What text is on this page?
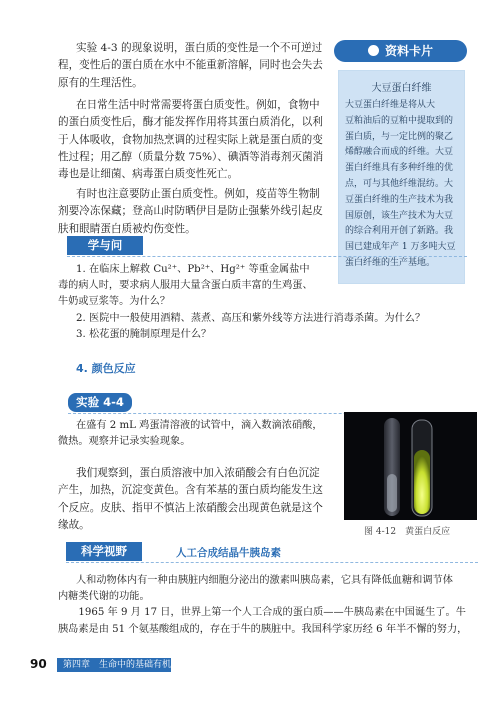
实验 4-3 的现象说明，蛋白质的变性是一个不可逆过

程，变性后的蛋白质在水中不能重新溶解，同时也会失去

原有的生理活性。

在日常生活中时常需要将蛋白质变性。例如，食物中

的蛋白质变性后，酶才能发挥作用将其蛋白质消化，以利

于人体吸收，食物加热烹调的过程实际上就是蛋白质的变

性过程；用乙醇（质量分数 75%）、碘酒等消毒剂灭菌消

毒也是让细菌、病毒蛋白质变性死亡。

有时也注意要防止蛋白质变性。例如，疫苗等生物制

剂要冷冻保藏；登高山时防晒伊目是防止强紫外线引起皮

肤和眼睛蛋白质被灼伤变性。

资料卡片
大豆蛋白纤维
大豆蛋白纤维是将从大
豆粕油后的豆粕中提取到的
蛋白质，与一定比例的聚乙
烯醇融合而成的纤维。大豆
蛋白纤维具有多种纤维的优
点，可与其他纤维混纺。大
豆蛋白纤维的生产技术为我
国原创，该生产技术为大豆
的综合利用开创了新路。我
国已建成年产 1 万多吨大豆
蛋白纤维的生产基地。
学与问

1. 在临床上解救 Cu²⁺、Pb²⁺、Hg²⁺ 等重金属盐中

毒的病人时，要求病人服用大量含蛋白质丰富的生鸡蛋、

牛奶或豆浆等。为什么？

2. 医院中一般使用酒精、蒸煮、高压和紫外线等方法进行消毒杀菌。为什么？

3. 松花蛋的腌制原理是什么？

4. 颜色反应
实验 4-4

在盛有 2 mL 鸡蛋清溶液的试管中，滴入数滴浓硝酸，

微热。观察并记录实验现象。

我们观察到，蛋白质溶液中加入浓硝酸会有白色沉淀

产生，加热，沉淀变黄色。含有苯基的蛋白质均能发生这

个反应。皮肤、指甲不慎沾上浓硝酸会出现黄色就是这个

缘故。

图 4-12　黄蛋白反应
科学视野	人工合成结晶牛胰岛素

人和动物体内有一种由胰脏内细胞分泌出的激素叫胰岛素，它具有降低血糖和调节体

内糖类代谢的功能。

　　1965 年 9 月 17 日，世界上第一个人工合成的蛋白质——牛胰岛素在中国诞生了。牛

胰岛素是由 51 个氨基酸组成的，存在于牛的胰脏中。我国科学家历经 6 年半不懈的努力，

90 第四章　生命中的基础有机化学物质
